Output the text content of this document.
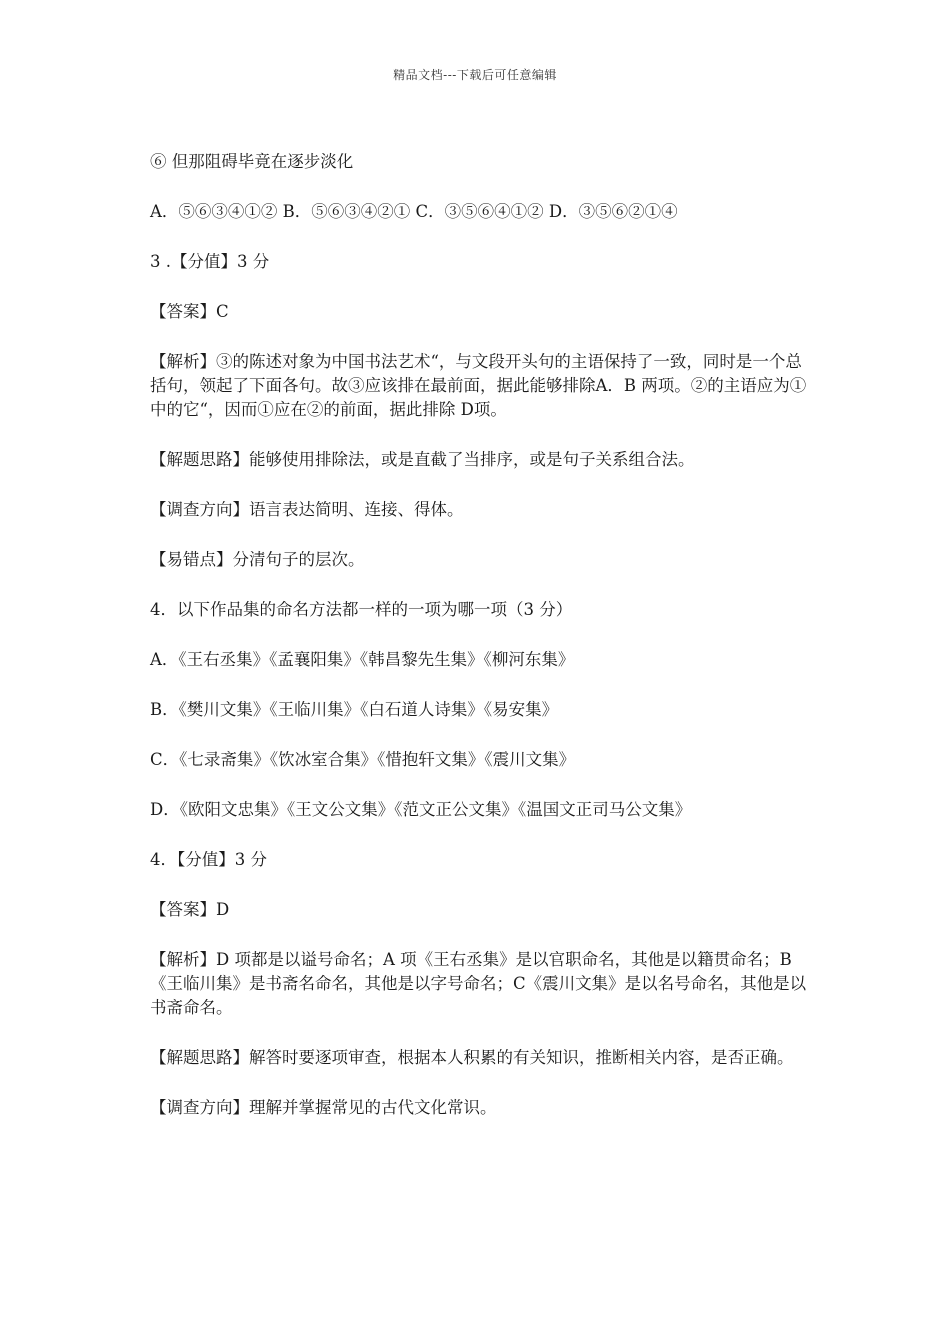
精品文档---下载后可任意编辑

⑥ 但那阻碍毕竟在逐步淡化

A．⑤⑥③④①② B．⑤⑥③④②① C．③⑤⑥④①② D．③⑤⑥②①④

3 .【分值】3 分

【答案】C

【解析】③的陈述对象为中国书法艺术“，与文段开头句的主语保持了一致，同时是一个总括句，领起了下面各句。故③应该排在最前面，据此能够排除A．B 两项。②的主语应为①中的它“，因而①应在②的前面，据此排除 D项。

【解题思路】能够使用排除法，或是直截了当排序，或是句子关系组合法。

【调查方向】语言表达简明、连接、得体。

【易错点】分清句子的层次。

4．以下作品集的命名方法都一样的一项为哪一项（3 分）

A．《王右丞集》《孟襄阳集》《韩昌黎先生集》《柳河东集》

B．《樊川文集》《王临川集》《白石道人诗集》《易安集》

C．《七录斋集》《饮冰室合集》《惜抱轩文集》《震川文集》

D．《欧阳文忠集》《王文公文集》《范文正公文集》《温国文正司马公文集》

4．【分值】3 分

【答案】D

【解析】D 项都是以谥号命名；A 项《王右丞集》是以官职命名，其他是以籍贯命名；B《王临川集》是书斋名命名，其他是以字号命名；C《震川文集》是以名号命名，其他是以书斋命名。

【解题思路】解答时要逐项审查，根据本人积累的有关知识，推断相关内容，是否正确。

【调查方向】理解并掌握常见的古代文化常识。
